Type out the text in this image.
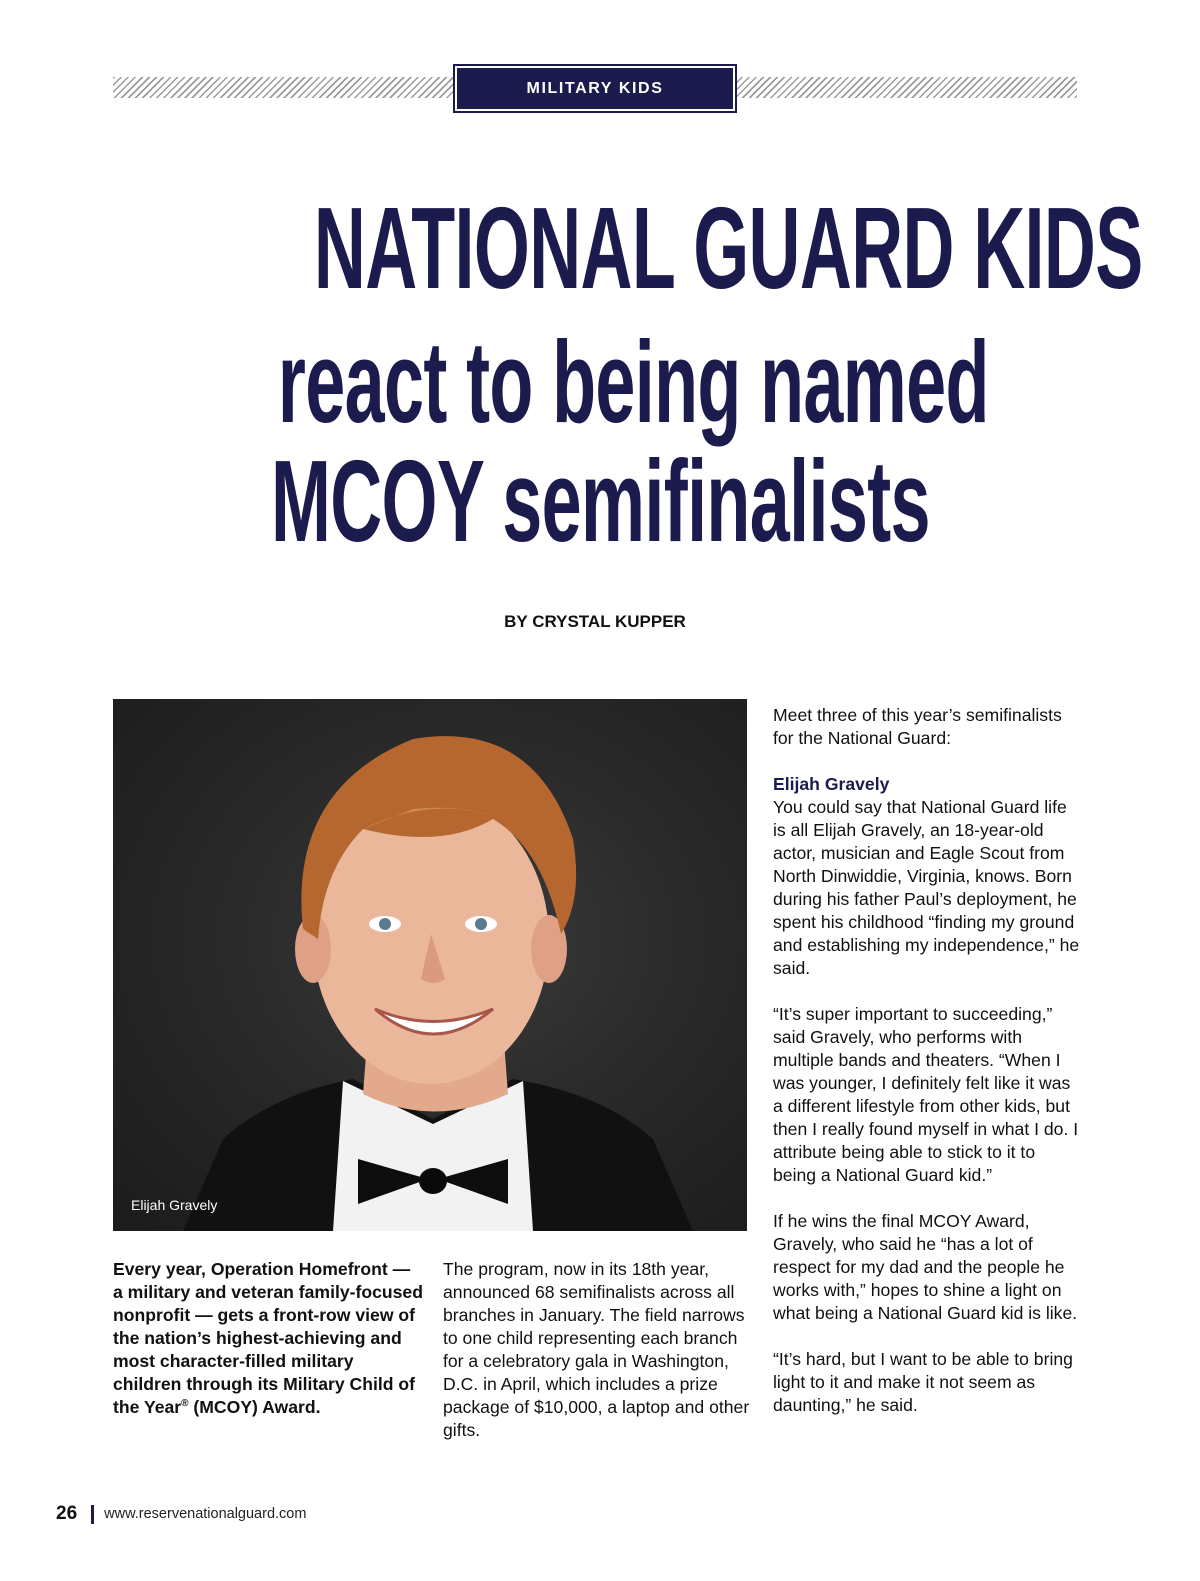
MILITARY KIDS
NATIONAL GUARD KIDS
react to being named
MCOY semifinalists
BY CRYSTAL KUPPER
Elijah Gravely

Every year, Operation Homefront — a military and veteran family-focused nonprofit — gets a front-row view of the nation’s highest-achieving and most character-filled military children through its Military Child of the Year® (MCOY) Award.

The program, now in its 18th year, announced 68 semifinalists across all branches in January. The field narrows to one child representing each branch for a celebratory gala in Washington, D.C. in April, which includes a prize package of $10,000, a laptop and other gifts.

Meet three of this year’s semifinalists for the National Guard:

Elijah Gravely

You could say that National Guard life is all Elijah Gravely, an 18-year-old actor, musician and Eagle Scout from North Dinwiddie, Virginia, knows. Born during his father Paul’s deployment, he spent his childhood “finding my ground and establishing my independence,” he said.

“It’s super important to succeeding,” said Gravely, who performs with multiple bands and theaters. “When I was younger, I definitely felt like it was a different lifestyle from other kids, but then I really found myself in what I do. I attribute being able to stick to it to being a National Guard kid.”

If he wins the final MCOY Award, Gravely, who said he “has a lot of respect for my dad and the people he works with,” hopes to shine a light on what being a National Guard kid is like.

“It’s hard, but I want to be able to bring light to it and make it not seem as daunting,” he said.

26 www.reservenationalguard.com
